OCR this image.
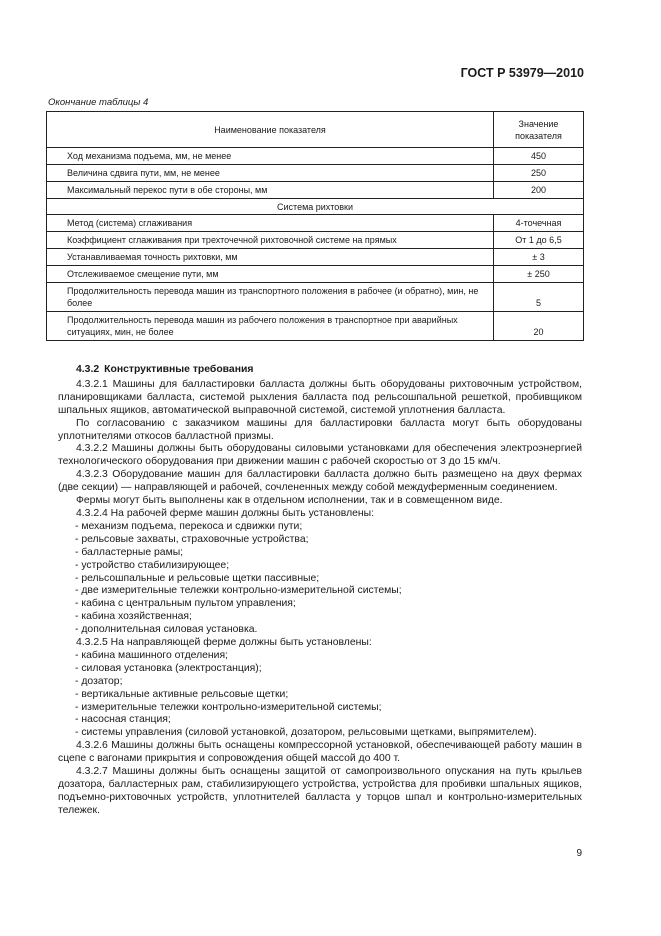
ГОСТ Р 53979—2010
Окончание таблицы 4
Наименование показателя	Значение показателя
Ход механизма подъема, мм, не менее	450
Величина сдвига пути, мм, не менее	250
Максимальный перекос пути в обе стороны, мм	200
Система рихтовки	
Метод (система) сглаживания	4-точечная
Коэффициент сглаживания при трехточечной рихтовочной системе на прямых	От 1 до 6,5
Устанавливаемая точность рихтовки, мм	± 3
Отслеживаемое смещение пути, мм	± 250
Продолжительность перевода машин из транспортного положения в рабочее (и обратно), мин, не более	5
Продолжительность перевода машин из рабочего положения в транспортное при аварийных ситуациях, мин, не более	20
4.3.2 Конструктивные требования

4.3.2.1 Машины для балластировки балласта должны быть оборудованы рихтовочным устройством, планировщиками балласта, системой рыхления балласта под рельсошпальной решеткой, пробивщиком шпальных ящиков, автоматической выправочной системой, системой уплотнения балласта.

По согласованию с заказчиком машины для балластировки балласта могут быть оборудованы уплотнителями откосов балластной призмы.

4.3.2.2 Машины должны быть оборудованы силовыми установками для обеспечения электроэнергией технологического оборудования при движении машин с рабочей скоростью от 3 до 15 км/ч.

4.3.2.3 Оборудование машин для балластировки балласта должно быть размещено на двух фермах (две секции) — направляющей и рабочей, сочлененных между собой междуферменным соединением.

Фермы могут быть выполнены как в отдельном исполнении, так и в совмещенном виде.

4.3.2.4 На рабочей ферме машин должны быть установлены:

- механизм подъема, перекоса и сдвижки пути;

- рельсовые захваты, страховочные устройства;

- балластерные рамы;

- устройство стабилизирующее;

- рельсошпальные и рельсовые щетки пассивные;

- две измерительные тележки контрольно-измерительной системы;

- кабина с центральным пультом управления;

- кабина хозяйственная;

- дополнительная силовая установка.

4.3.2.5 На направляющей ферме должны быть установлены:

- кабина машинного отделения;

- силовая установка (электростанция);

- дозатор;

- вертикальные активные рельсовые щетки;

- измерительные тележки контрольно-измерительной системы;

- насосная станция;

- системы управления (силовой установкой, дозатором, рельсовыми щетками, выпрямителем).

4.3.2.6 Машины должны быть оснащены компрессорной установкой, обеспечивающей работу машин в сцепе с вагонами прикрытия и сопровождения общей массой до 400 т.

4.3.2.7 Машины должны быть оснащены защитой от самопроизвольного опускания на путь крыльев дозатора, балластерных рам, стабилизирующего устройства, устройства для пробивки шпальных ящиков, подъемно-рихтовочных устройств, уплотнителей балласта у торцов шпал и контрольно-измерительных тележек.

9
